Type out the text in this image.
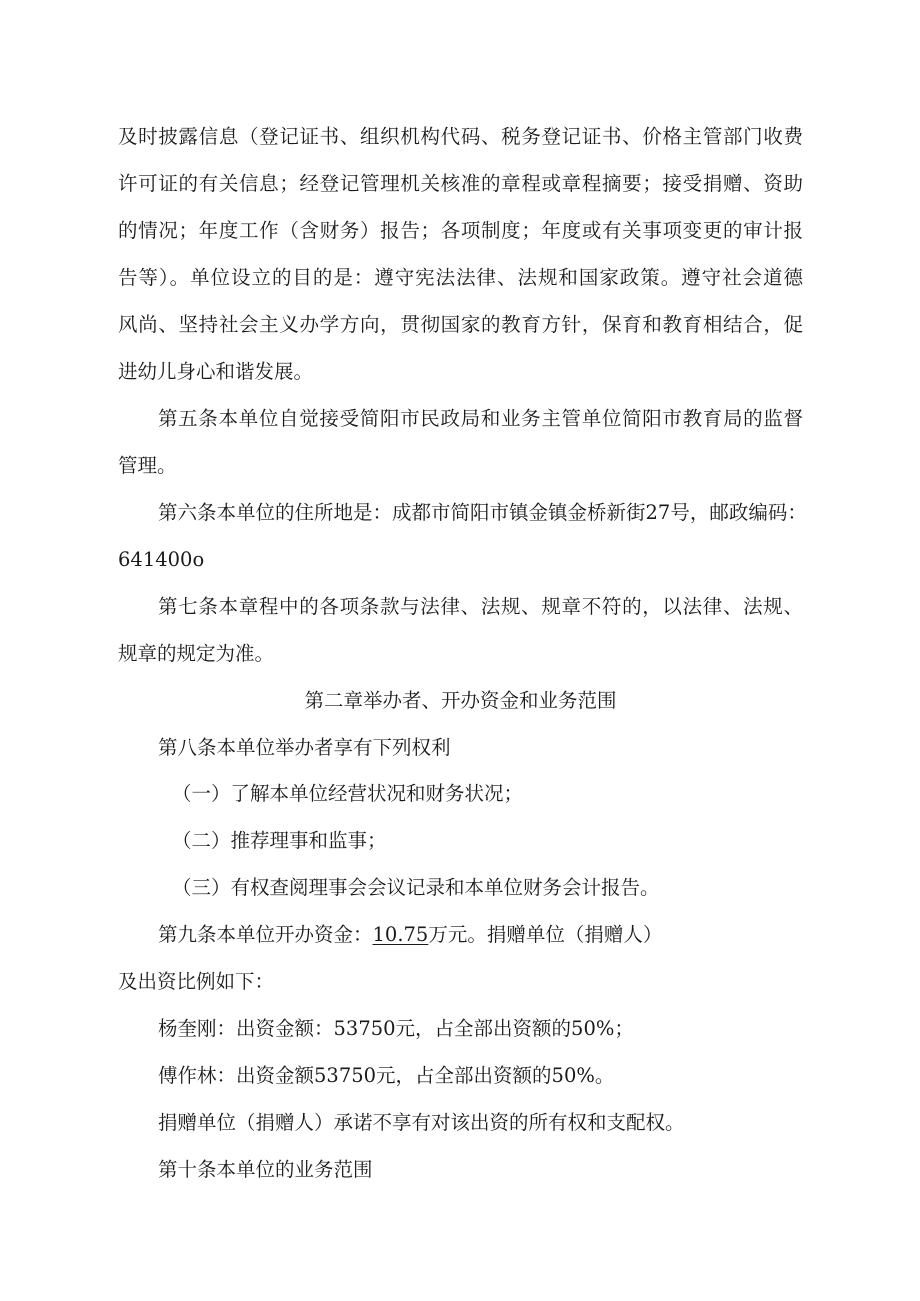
及时披露信息（登记证书、组织机构代码、税务登记证书、价格主管部门收费
许可证的有关信息；经登记管理机关核准的章程或章程摘要；接受捐赠、资助
的情况；年度工作（含财务）报告；各项制度；年度或有关事项变更的审计报
告等）。单位设立的目的是：遵守宪法法律、法规和国家政策。遵守社会道德
风尚、坚持社会主义办学方向，贯彻国家的教育方针，保育和教育相结合，促
进幼儿身心和谐发展。
第五条本单位自觉接受简阳市民政局和业务主管单位简阳市教育局的监督
管理。
第六条本单位的住所地是：成都市简阳市镇金镇金桥新街27号，邮政编码：
641400o
第七条本章程中的各项条款与法律、法规、规章不符的，以法律、法规、
规章的规定为准。
第二章举办者、开办资金和业务范围
第八条本单位举办者享有下列权利
（一）了解本单位经营状况和财务状况；
（二）推荐理事和监事；
（三）有权查阅理事会会议记录和本单位财务会计报告。
第九条本单位开办资金：10.75万元。捐赠单位（捐赠人）
及出资比例如下：
杨奎刚：出资金额：53750元，占全部出资额的50%；
傅作林：出资金额53750元，占全部出资额的50%。
捐赠单位（捐赠人）承诺不享有对该出资的所有权和支配权。
第十条本单位的业务范围
